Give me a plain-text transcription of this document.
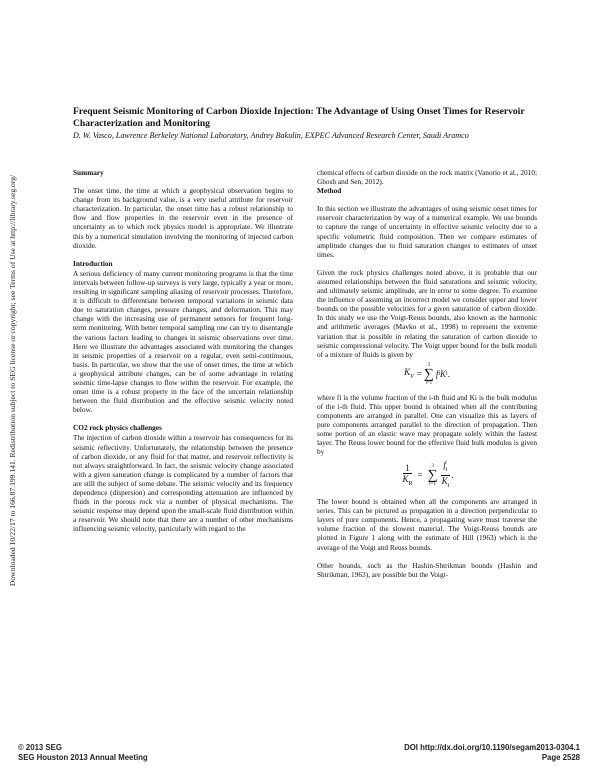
Downloaded 10/22/17 to 166.87.199.141. Redistribution subject to SEG license or copyright; see Terms of Use at http://library.seg.org/
Frequent Seismic Monitoring of Carbon Dioxide Injection: The Advantage of Using Onset Times for Reservoir Characterization and Monitoring
D. W. Vasco, Lawrence Berkeley National Laboratory, Andrey Bakulin, EXPEC Advanced Research Center, Saudi Aramco
Summary

The onset time, the time at which a geophysical observation begins to change from its background value, is a very useful attribute for reservoir characterization. In particular, the onset time has a robust relationship to flow and flow properties in the reservoir even in the presence of uncertainty as to which rock physics model is appropriate. We illustrate this by a numerical simulation involving the monitoring of injected carbon dioxide.

Introduction

A serious deficiency of many current monitoring programs is that the time intervals between follow-up surveys is very large, typically a year or more, resulting in significant sampling aliasing of reservoir processes. Therefore, it is difficult to differentiate between temporal variations in seismic data due to saturation changes, pressure changes, and deformation. This may change with the increasing use of permanent sensors for frequent long-term monitoring. With better temporal sampling one can try to disentangle the various factors leading to changes in seismic observations over time. Here we illustrate the advantages associated with monitoring the changes in seismic properties of a reservoir on a regular, even semi-continuous, basis. In particular, we show that the use of onset times, the time at which a geophysical attribute changes, can be of some advantage in relating seismic time-lapse changes to flow within the reservoir. For example, the onset time is a robust property in the face of the uncertain relationship between the fluid distribution and the effective seismic velocity noted below.

CO2 rock physics challenges

The injection of carbon dioxide within a reservoir has consequences for its seismic reflectivity. Unfortunately, the relationship between the presence of carbon dioxide, or any fluid for that matter, and reservoir reflectivity is not always straightforward. In fact, the seismic velocity change associated with a given saturation change is complicated by a number of factors that are still the subject of some debate. The seismic velocity and its frequency dependence (dispersion) and corresponding attenuation are influenced by fluids in the porous rock via a number of physical mechanisms. The seismic response may depend upon the small-scale fluid distribution within a reservoir. We should note that there are a number of other mechanisms influencing seismic velocity, particularly with regard to the

chemical effects of carbon dioxide on the rock matrix (Vanorio et al., 2010; Ghosh and Sen, 2012).

Method

In this section we illustrate the advantages of using seismic onset times for reservoir characterization by way of a numerical example. We use bounds to capture the range of uncertainty in effective seismic velocity due to a specific volumetric fluid composition. Then we compare estimates of amplitude changes due to fluid saturation changes to estimates of onset times.

Given the rock physics challenges noted above, it is probable that our assumed relationships between the fluid saturations and seismic velocity, and ultimately seismic amplitude, are in error to some degree. To examine the influence of assuming an incorrect model we consider upper and lower bounds on the possible velocities for a given saturation of carbon dioxide. In this study we use the Voigt-Reuss bounds, also known as the harmonic and arithmetic averages (Mavko et al., 1998) to represent the extreme variation that is possible in relating the saturation of carbon dioxide to seismic compressional velocity. The Voigt upper bound for the bulk moduli of a mixture of fluids is given by

$K_V$ =
3
∑
i=1
f i K i .

where fi is the volume fraction of the i-th fluid and Ki is the bulk modulus of the i-th fluid. This upper bound is obtained when all the contributing components are arranged in parallel. One can visualize this as layers of pure components arranged parallel to the direction of propagation. Then some portion of an elastic wave may propagate solely within the fastest layer. The Reuss lower bound for the effective fluid bulk modulus is given by

$\frac{1}{K_R}$ =
3
∑
$i=1 \frac{f_i}{K_i}$ .

The lower bound is obtained when all the components are arranged in series. This can be pictured as propagation in a direction perpendicular to layers of pure components. Hence, a propagating wave must traverse the volume fraction of the slowest material. The Voigt-Reuss bounds are plotted in Figure 1 along with the estimate of Hill (1963) which is the average of the Voigt and Reuss bounds.

Other bounds, such as the Hashin-Shtrikman bounds (Hashin and Shtrikman, 1963), are possible but the Voigt-

© 2013 SEG
SEG Houston 2013 Annual Meeting
DOI http://dx.doi.org/10.1190/segam2013-0304.1
Page 2528
